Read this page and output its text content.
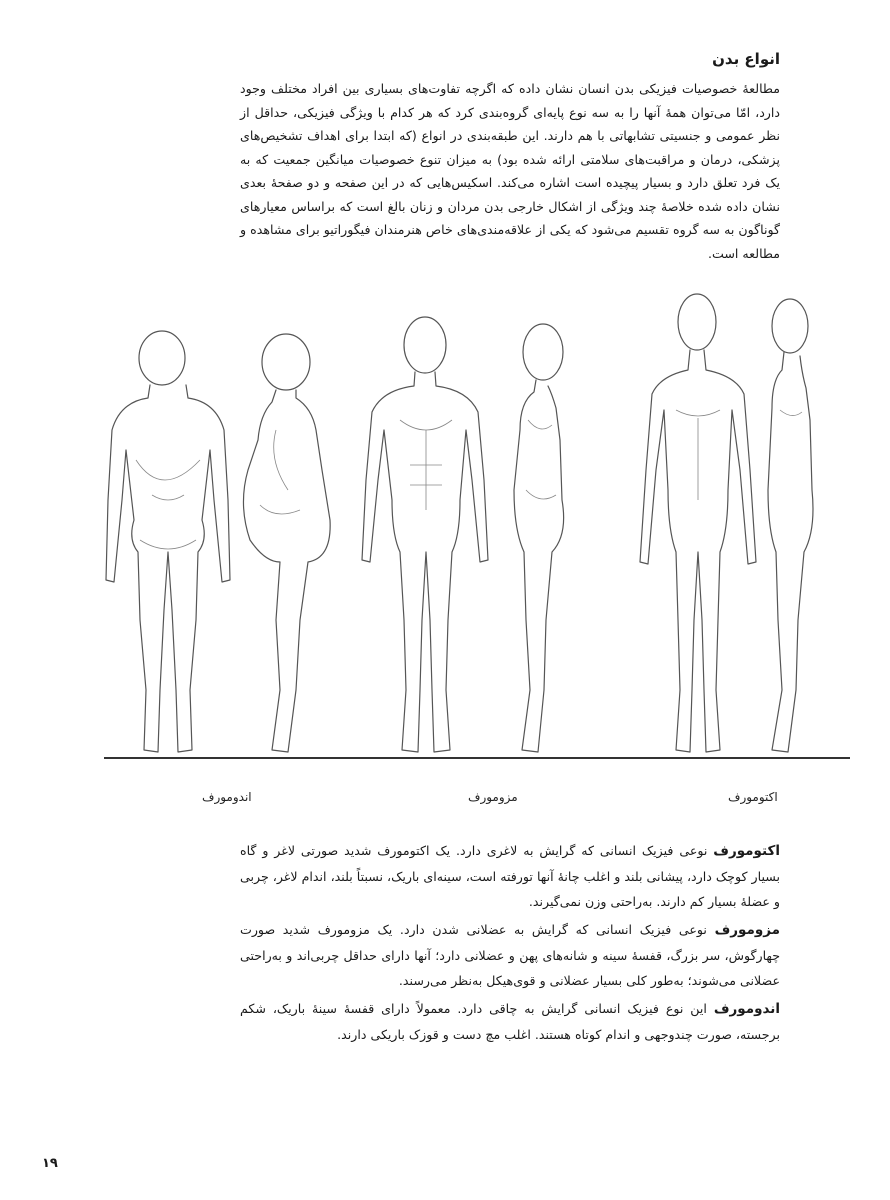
انواع بدن
مطالعهٔ خصوصیات فیزیکی بدن انسان نشان داده که اگرچه تفاوت‌های بسیاری بین افراد مختلف وجود دارد، امّا می‌توان همهٔ آنها را به سه نوع پایه‌ای گروه‌بندی کرد که هر کدام با ویژگی فیزیکی، حداقل از نظر عمومی و جنسیتی تشابهاتی با هم دارند. این طبقه‌بندی در انواع (که ابتدا برای اهداف تشخیص‌های پزشکی، درمان و مراقبت‌های سلامتی ارائه شده بود) به میزان تنوع خصوصیات میانگین جمعیت که به یک فرد تعلق دارد و بسیار پیچیده است اشاره می‌کند. اسکیس‌هایی که در این صفحه و دو صفحهٔ بعدی نشان داده شده خلاصهٔ چند ویژگی از اشکال خارجی بدن مردان و زنان بالغ است که براساس معیارهای گوناگون به سه گروه تقسیم می‌شود که یکی از علاقه‌مندی‌های خاص هنرمندان فیگوراتیو برای مشاهده و مطالعه است.
اندومورف	مزومورف	اکتومورف

اکتومورف نوعی فیزیک انسانی که گرایش به لاغری دارد. یک اکتومورف شدید صورتی لاغر و گاه بسیار کوچک دارد، پیشانی بلند و اغلب چانهٔ آنها تورفته است، سینه‌ای باریک، نسبتاً بلند، اندام لاغر، چربی و عضلهٔ بسیار کم دارند. به‌راحتی وزن نمی‌گیرند.

مزومورف نوعی فیزیک انسانی که گرایش به عضلانی شدن دارد. یک مزومورف شدید صورت چهارگوش، سر بزرگ، قفسهٔ سینه و شانه‌های پهن و عضلانی دارد؛ آنها دارای حداقل چربی‌اند و به‌راحتی عضلانی می‌شوند؛ به‌طور کلی بسیار عضلانی و قوی‌هیکل به‌نظر می‌رسند.

اندومورف این نوع فیزیک انسانی گرایش به چاقی دارد. معمولاً دارای قفسهٔ سینهٔ باریک، شکم برجسته، صورت چندوجهی و اندام کوتاه هستند. اغلب مچ دست و قوزک باریکی دارند.

۱۹
